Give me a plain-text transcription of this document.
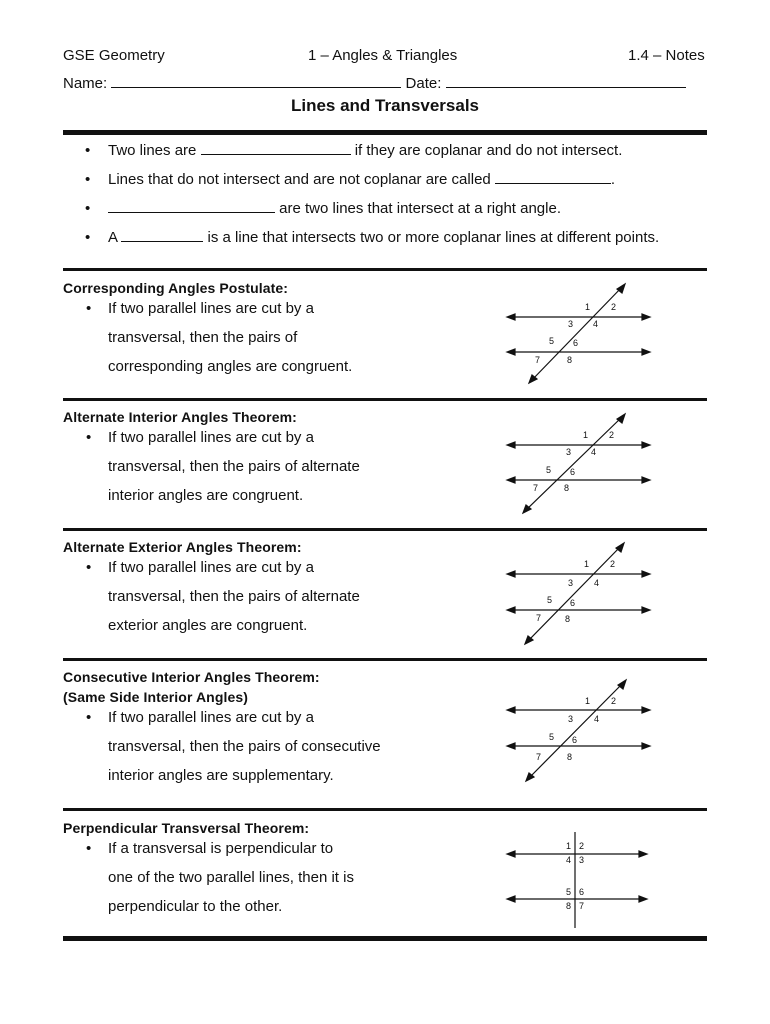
GSE Geometry	1 – Angles & Triangles	1.4 – Notes
Name:	Date:
Lines and Transversals
• Two lines are	if they are coplanar and do not intersect.
• Lines that do not intersect and are not coplanar are called	.
•	are two lines that intersect at a right angle.
• A	is a line that intersects two or more coplanar lines at different points.
Corresponding Angles Postulate:
• If two parallel lines are cut by a
transversal, then the pairs of
corresponding angles are congruent.
Alternate Interior Angles Theorem:
• If two parallel lines are cut by a
transversal, then the pairs of alternate
interior angles are congruent.
Alternate Exterior Angles Theorem:
• If two parallel lines are cut by a
transversal, then the pairs of alternate
exterior angles are congruent.
Consecutive Interior Angles Theorem:
(Same Side Interior Angles)
• If two parallel lines are cut by a
transversal, then the pairs of consecutive
interior angles are supplementary.
Perpendicular Transversal Theorem:
• If a transversal is perpendicular to
one of the two parallel lines, then it is
perpendicular to the other.
1 2
3 4
5 6
7	8
1 2
3 4
5 6
7	8
1 2
3 4
5 6
7	8
1 2
3 4
5 6
7	8
1 2
4 3
5 6
8 7
